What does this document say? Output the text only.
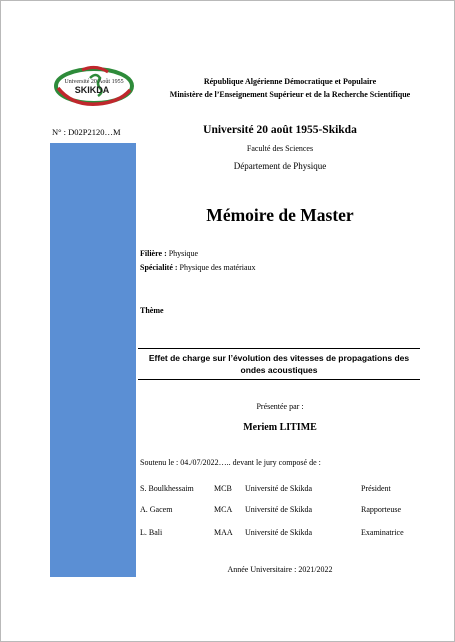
Université 20 Août 1955
SKIKDA
République Algérienne Démocratique et Populaire
Ministère de l’Enseignement Supérieur et de la Recherche Scientifique
N° : D02P2120…M	Université 20 août 1955-Skikda
Faculté des Sciences
Département de Physique
Mémoire de Master
Filière : Physique
Spécialité : Physique des matériaux
Thème
Effet de charge sur l’évolution des vitesses de propagations des ondes acoustiques
Présentée par :
Meriem LITIME
Soutenu le : 04./07/2022….. devant le jury composé de :
S. Boulkhessaim	MCB Université de Skikda	Président
A. Gacem	MCA Université de Skikda	Rapporteuse
L. Bali	MAA Université de Skikda	Examinatrice
Année Universitaire : 2021/2022
